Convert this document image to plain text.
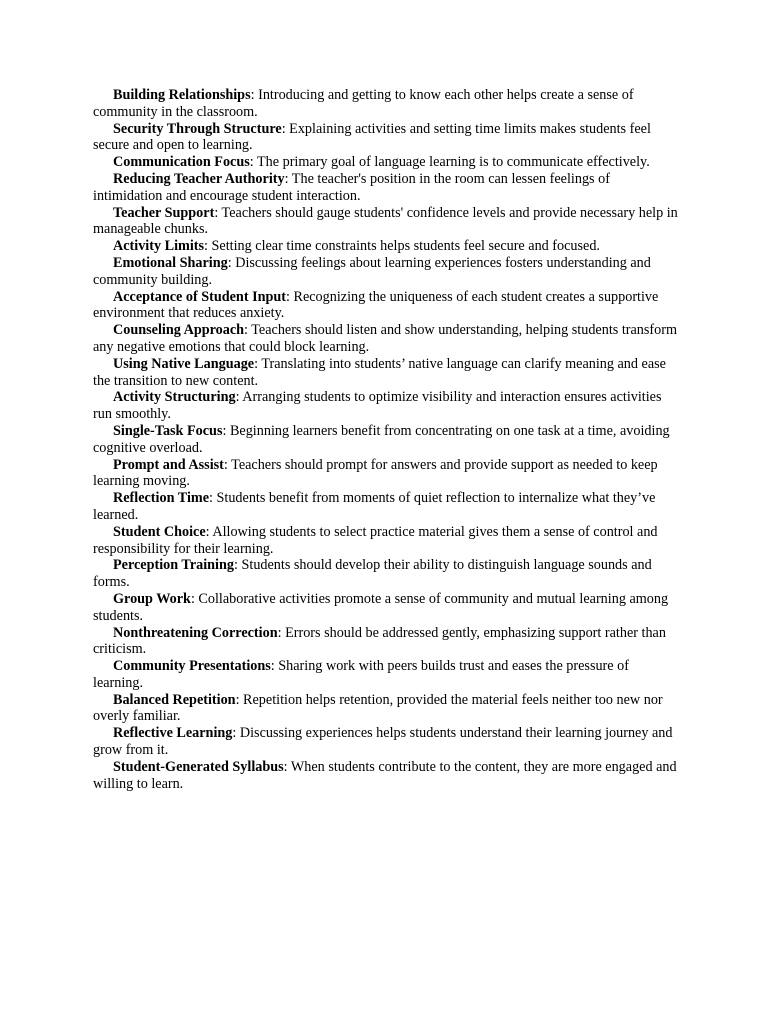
Building Relationships: Introducing and getting to know each other helps create a sense of community in the classroom.

Security Through Structure: Explaining activities and setting time limits makes students feel secure and open to learning.

Communication Focus: The primary goal of language learning is to communicate effectively.

Reducing Teacher Authority: The teacher's position in the room can lessen feelings of intimidation and encourage student interaction.

Teacher Support: Teachers should gauge students' confidence levels and provide necessary help in manageable chunks.

Activity Limits: Setting clear time constraints helps students feel secure and focused.

Emotional Sharing: Discussing feelings about learning experiences fosters understanding and community building.

Acceptance of Student Input: Recognizing the uniqueness of each student creates a supportive environment that reduces anxiety.

Counseling Approach: Teachers should listen and show understanding, helping students transform any negative emotions that could block learning.

Using Native Language: Translating into students’ native language can clarify meaning and ease the transition to new content.

Activity Structuring: Arranging students to optimize visibility and interaction ensures activities run smoothly.

Single-Task Focus: Beginning learners benefit from concentrating on one task at a time, avoiding cognitive overload.

Prompt and Assist: Teachers should prompt for answers and provide support as needed to keep learning moving.

Reflection Time: Students benefit from moments of quiet reflection to internalize what they’ve learned.

Student Choice: Allowing students to select practice material gives them a sense of control and responsibility for their learning.

Perception Training: Students should develop their ability to distinguish language sounds and forms.

Group Work: Collaborative activities promote a sense of community and mutual learning among students.

Nonthreatening Correction: Errors should be addressed gently, emphasizing support rather than criticism.

Community Presentations: Sharing work with peers builds trust and eases the pressure of learning.

Balanced Repetition: Repetition helps retention, provided the material feels neither too new nor overly familiar.

Reflective Learning: Discussing experiences helps students understand their learning journey and grow from it.

Student-Generated Syllabus: When students contribute to the content, they are more engaged and willing to learn.
